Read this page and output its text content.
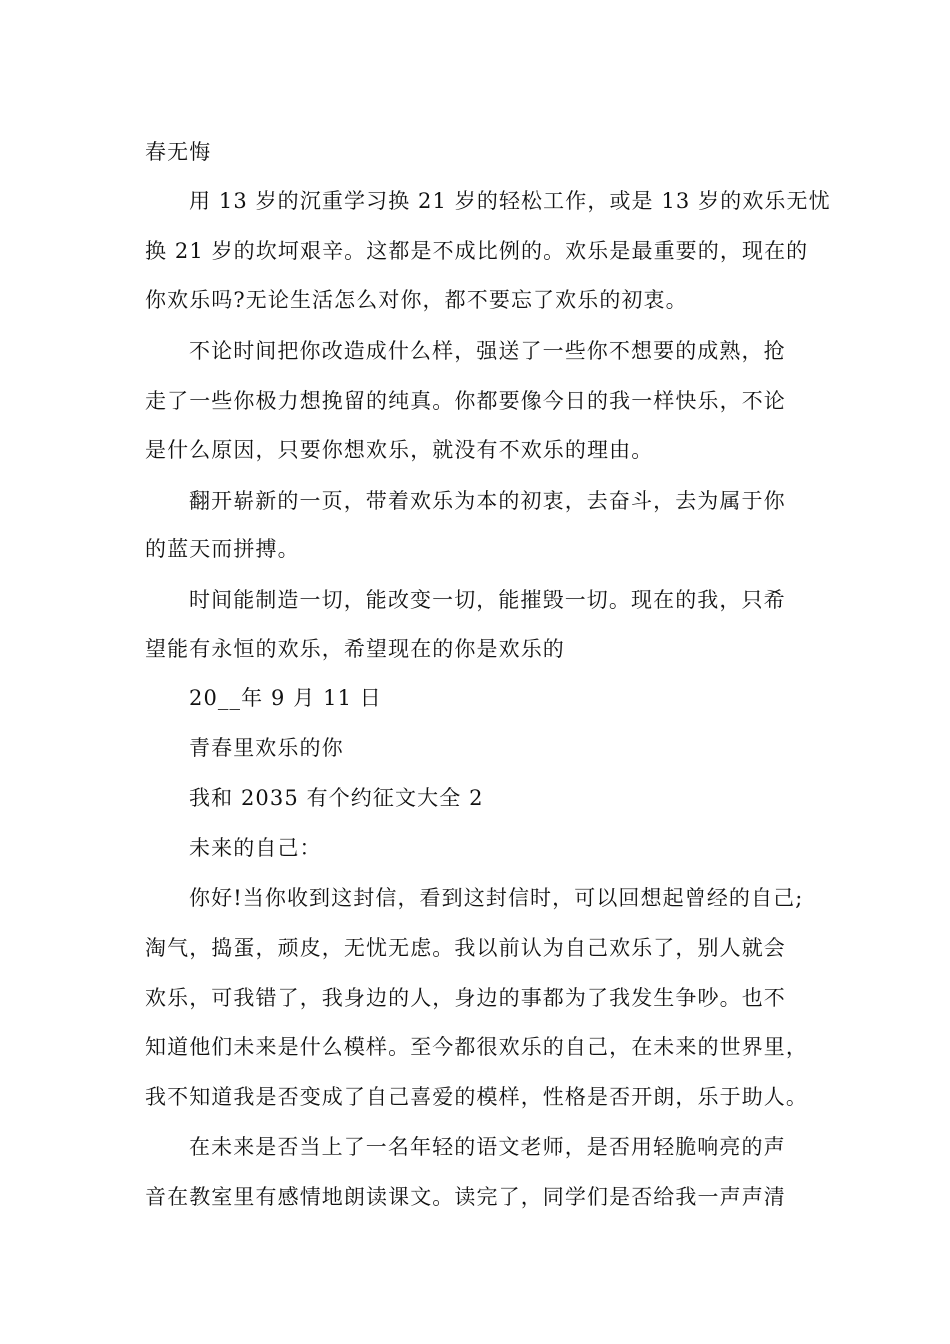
春无悔
用 13 岁的沉重学习换 21 岁的轻松工作，或是 13 岁的欢乐无忧
换 21 岁的坎坷艰辛。这都是不成比例的。欢乐是最重要的，现在的
你欢乐吗?无论生活怎么对你，都不要忘了欢乐的初衷。
不论时间把你改造成什么样，强送了一些你不想要的成熟，抢
走了一些你极力想挽留的纯真。你都要像今日的我一样快乐，不论
是什么原因，只要你想欢乐，就没有不欢乐的理由。
翻开崭新的一页，带着欢乐为本的初衷，去奋斗，去为属于你
的蓝天而拼搏。
时间能制造一切，能改变一切，能摧毁一切。现在的我，只希
望能有永恒的欢乐，希望现在的你是欢乐的
20__年 9 月 11 日
青春里欢乐的你
我和 2035 有个约征文大全 2
未来的自己：
你好!当你收到这封信，看到这封信时，可以回想起曾经的自己;
淘气，捣蛋，顽皮，无忧无虑。我以前认为自己欢乐了，别人就会
欢乐，可我错了，我身边的人，身边的事都为了我发生争吵。也不
知道他们未来是什么模样。至今都很欢乐的自己，在未来的世界里，
我不知道我是否变成了自己喜爱的模样，性格是否开朗，乐于助人。
在未来是否当上了一名年轻的语文老师，是否用轻脆响亮的声
音在教室里有感情地朗读课文。读完了，同学们是否给我一声声清
